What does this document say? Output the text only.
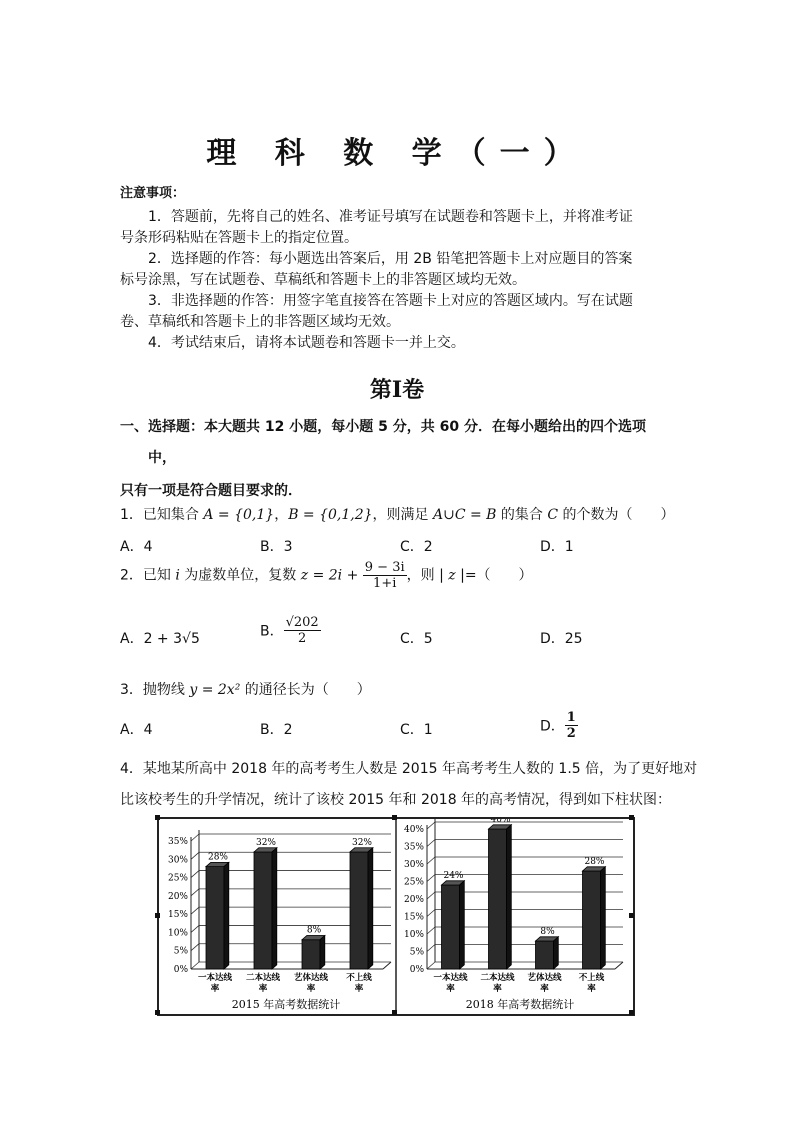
理 科 数 学（一）
注意事项：
1．答题前，先将自己的姓名、准考证号填写在试题卷和答题卡上，并将准考证
号条形码粘贴在答题卡上的指定位置。
2．选择题的作答：每小题选出答案后，用 2B 铅笔把答题卡上对应题目的答案
标号涂黑，写在试题卷、草稿纸和答题卡上的非答题区域均无效。
3．非选择题的作答：用签字笔直接答在答题卡上对应的答题区域内。写在试题
卷、草稿纸和答题卡上的非答题区域均无效。
4．考试结束后，请将本试题卷和答题卡一并上交。
第Ⅰ卷
一、选择题：本大题共 12 小题，每小题 5 分，共 60 分．在每小题给出的四个选项
中，
只有一项是符合题目要求的．
1．已知集合 A = {0,1}，B = {0,1,2}，则满足 A∪C = B 的集合 C 的个数为（　　）
A．4	B．3	C．2	D．1
2．已知 i 为虚数单位，复数 $z = 2i + \frac{9 - 3i}{1+i}$ ，则 | z |=（　　）
A．2 + 3√5	B． $\frac{√202}{2}$	C．5	D．25
3．抛物线 y = 2x² 的通径长为（　　）
A．4	B．2	C．1	D． $\frac{1}{2}$
4．某地某所高中 2018 年的高考考生人数是 2015 年高考考生人数的 1.5 倍，为了更好地对
比该校考生的升学情况，统计了该校 2015 年和 2018 年的高考情况，得到如下柱状图：
0%
5%
10%
15%
20%
25%
30%
35%
28%
一本达线
率
32%
二本达线
率
8%
艺体达线
率
32%
不上线
率
2015 年高考数据统计
0%
5%
10%
15%
20%
25%
30%
35%
40%
24%
一本达线
率
40%
二本达线
率
8%
艺体达线
率
28%
不上线
率
2018 年高考数据统计
